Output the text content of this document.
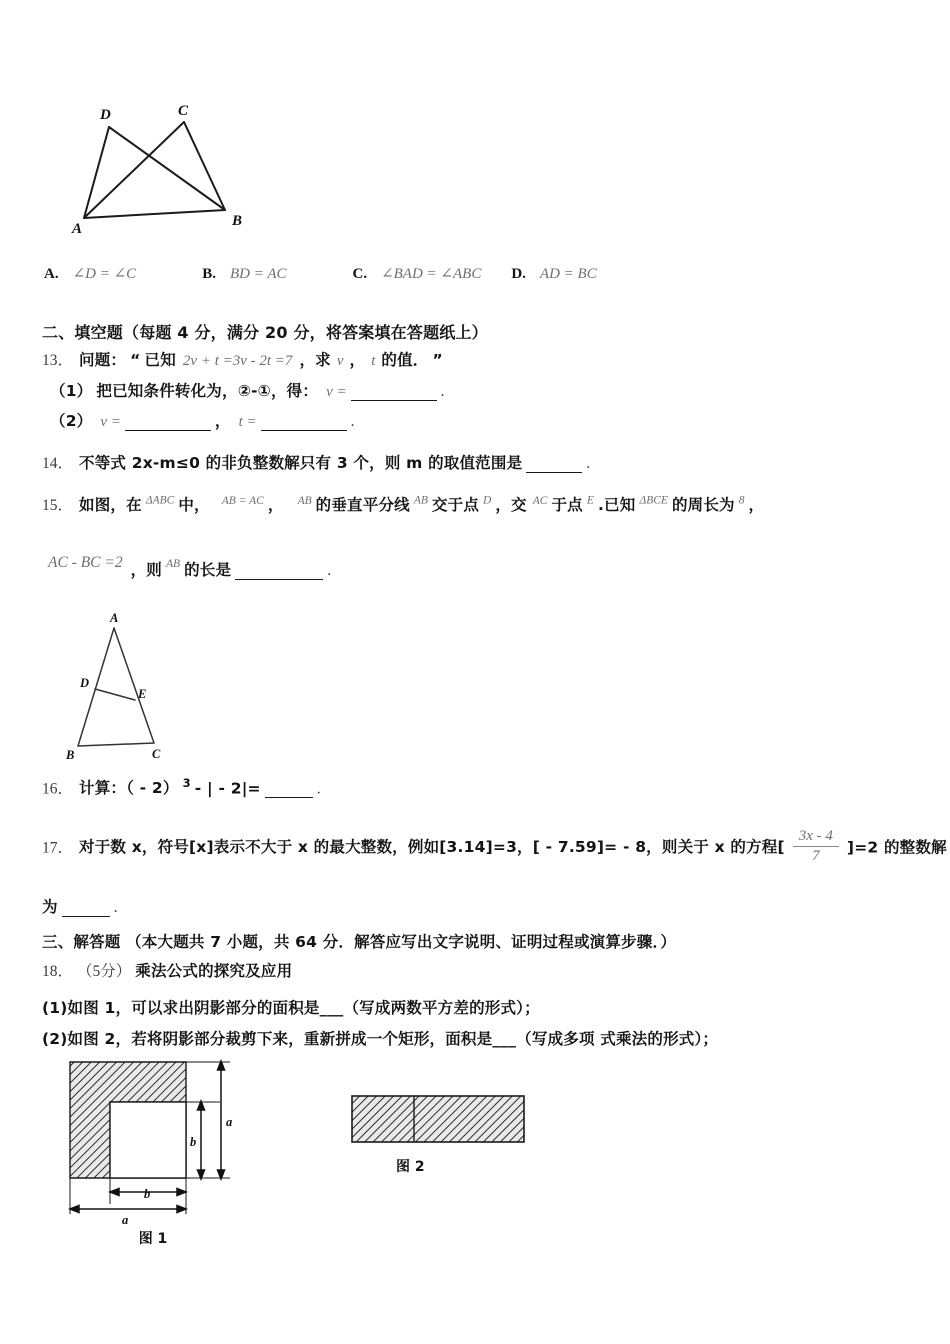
A	B
C
D
A. ∠D = ∠C	B. BD = AC	C. ∠BAD = ∠ABC D. AD = BC
二、填空题（每题 4 分，满分 20 分，将答案填在答题纸上）
13． 问题： “ 已知 2v + t =3v - 2t =7 ，求 v ， t 的值． ”
（1） 把已知条件转化为，②-①，得： v =	.
（2） v =	， t =	.
14． 不等式 2x-m≤0 的非负整数解只有 3 个，则 m 的取值范围是	.
15． 如图，在 $^{\Delta ABC}$ 中， $^{AB = AC}$ ， $^{AB}$ 的垂直平分线 $^{AB}$ 交于点 $^D$ ，交 $^{AC}$ 于点 $^E$ .已知 $^{\Delta BCE}$ 的周长为 $^8$ ，
AC - BC =2 ，则 $^{AB}$ 的长是	.
D
E
A
B	C
16． 计算：（ - 2） $^3$ - | - 2|=	.
17． 对于数 x，符号[x]表示不大于 x 的最大整数，例如[3.14]=3，[ - 7.59]= - 8，则关于 x 的方程[ $\frac{3x - 4}{7} ]=2$ 的整数解
为	.
三、解答题 （本大题共 7 小题，共 64 分．解答应写出文字说明、证明过程或演算步骤．）
18． （5分） 乘法公式的探究及应用
(1)如图 1，可以求出阴影部分的面积是___（写成两数平方差的形式）；
(2)如图 2，若将阴影部分裁剪下来，重新拼成一个矩形，面积是___（写成多项 式乘法的形式）；
a
b
b
a
图 1
图 2
